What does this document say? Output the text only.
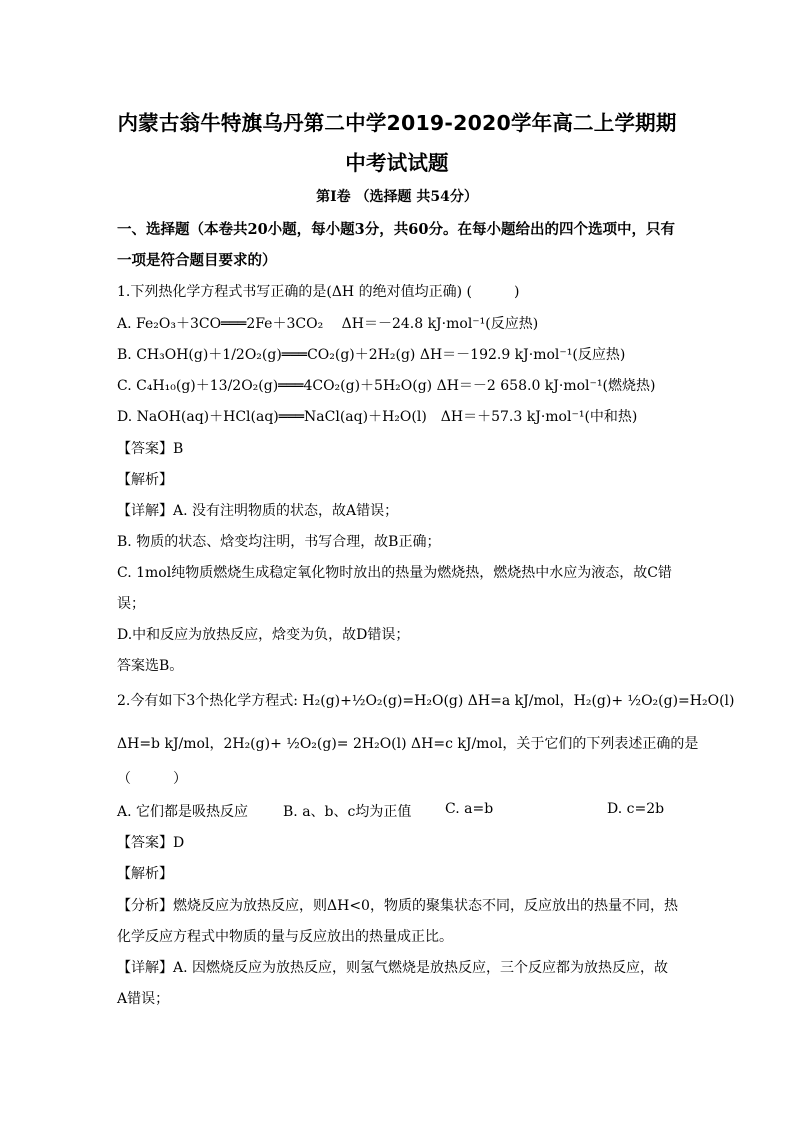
内蒙古翁牛特旗乌丹第二中学2019-2020学年高二上学期期
中考试试题
第Ⅰ卷 （选择题 共54分）
一、选择题（本卷共20小题，每小题3分，共60分。在每小题给出的四个选项中，只有
一项是符合题目要求的）
1.下列热化学方程式书写正确的是(ΔH 的绝对值均正确) (　　　)
A. Fe₂O₃＋3CO═══2Fe＋3CO₂　 ΔH＝－24.8 kJ·mol⁻¹(反应热)
B. CH₃OH(g)＋1/2O₂(g)═══CO₂(g)＋2H₂(g) ΔH＝－192.9 kJ·mol⁻¹(反应热)
C. C₄H₁₀(g)＋13/2O₂(g)═══4CO₂(g)＋5H₂O(g) ΔH＝－2 658.0 kJ·mol⁻¹(燃烧热)
D. NaOH(aq)＋HCl(aq)═══NaCl(aq)＋H₂O(l)　ΔH＝＋57.3 kJ·mol⁻¹(中和热)
【答案】B
【解析】
【详解】A. 没有注明物质的状态，故A错误；
B. 物质的状态、焓变均注明，书写合理，故B正确；
C. 1mol纯物质燃烧生成稳定氧化物时放出的热量为燃烧热，燃烧热中水应为液态，故C错
误；
D.中和反应为放热反应，焓变为负，故D错误；
答案选B。
2.今有如下3个热化学方程式: H₂(g)+½O₂(g)=H₂O(g) ΔH=a kJ/mol，H₂(g)+ ½O₂(g)=H₂O(l)
ΔH=b kJ/mol，2H₂(g)+ ½O₂(g)= 2H₂O(l) ΔH=c kJ/mol，关于它们的下列表述正确的是
（　　　）
A. 它们都是吸热反应 B. a、b、c均为正值 C. a=b	D. c=2b
【答案】D
【解析】
【分析】燃烧反应为放热反应，则ΔH<0，物质的聚集状态不同，反应放出的热量不同，热
化学反应方程式中物质的量与反应放出的热量成正比。
【详解】A. 因燃烧反应为放热反应，则氢气燃烧是放热反应，三个反应都为放热反应，故
A错误；
